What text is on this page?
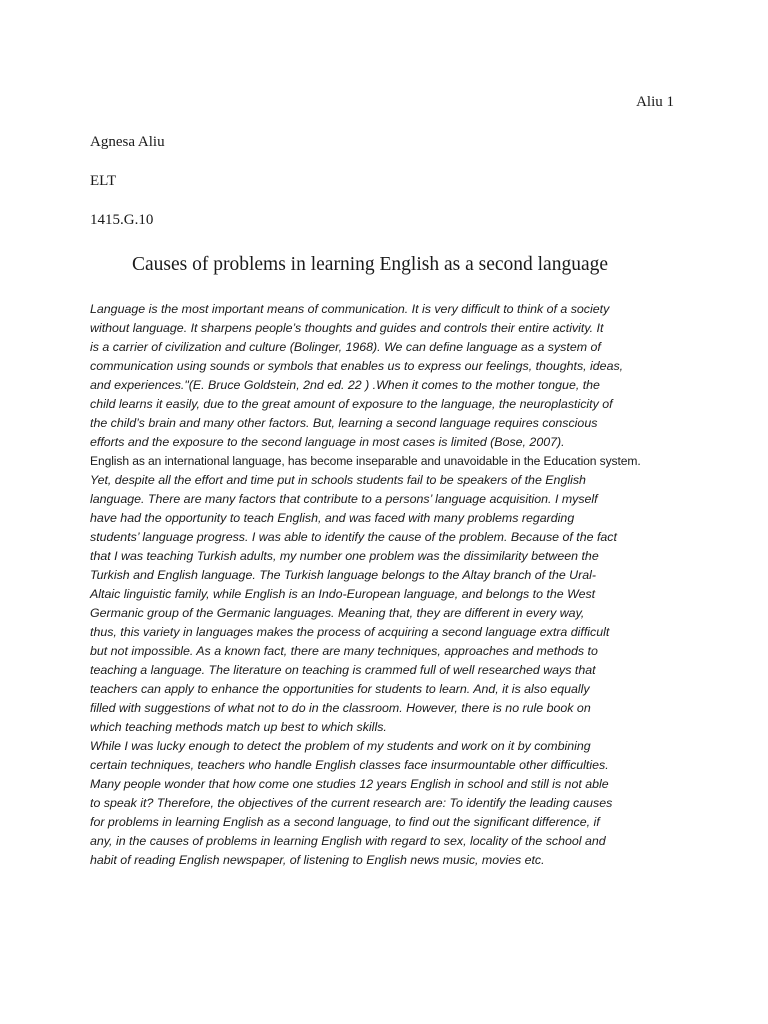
Aliu 1
Agnesa Aliu
ELT
1415.G.10
Causes of problems in learning English as a second language
Language is the most important means of communication. It is very difficult to think of a society
without language. It sharpens people’s thoughts and guides and controls their entire activity. It
is a carrier of civilization and culture (Bolinger, 1968). We can define language as a system of
communication using sounds or symbols that enables us to express our feelings, thoughts, ideas,
and experiences."(E. Bruce Goldstein, 2nd ed. 22 ) .When it comes to the mother tongue, the
child learns it easily, due to the great amount of exposure to the language, the neuroplasticity of
the child’s brain and many other factors. But, learning a second language requires conscious
efforts and the exposure to the second language in most cases is limited (Bose, 2007).
English as an international language, has become inseparable and unavoidable in the Education system.
Yet, despite all the effort and time put in schools students fail to be speakers of the English
language. There are many factors that contribute to a persons’ language acquisition. I myself
have had the opportunity to teach English, and was faced with many problems regarding
students’ language progress. I was able to identify the cause of the problem. Because of the fact
that I was teaching Turkish adults, my number one problem was the dissimilarity between the
Turkish and English language. The Turkish language belongs to the Altay branch of the Ural-
Altaic linguistic family, while English is an Indo-European language, and belongs to the West
Germanic group of the Germanic languages. Meaning that, they are different in every way,
thus, this variety in languages makes the process of acquiring a second language extra difficult
but not impossible. As a known fact, there are many techniques, approaches and methods to
teaching a language. The literature on teaching is crammed full of well researched ways that
teachers can apply to enhance the opportunities for students to learn. And, it is also equally
filled with suggestions of what not to do in the classroom. However, there is no rule book on
which teaching methods match up best to which skills.
While I was lucky enough to detect the problem of my students and work on it by combining
certain techniques, teachers who handle English classes face insurmountable other difficulties.
Many people wonder that how come one studies 12 years English in school and still is not able
to speak it? Therefore, the objectives of the current research are: To identify the leading causes
for problems in learning English as a second language, to find out the significant difference, if
any, in the causes of problems in learning English with regard to sex, locality of the school and
habit of reading English newspaper, of listening to English news music, movies etc.
